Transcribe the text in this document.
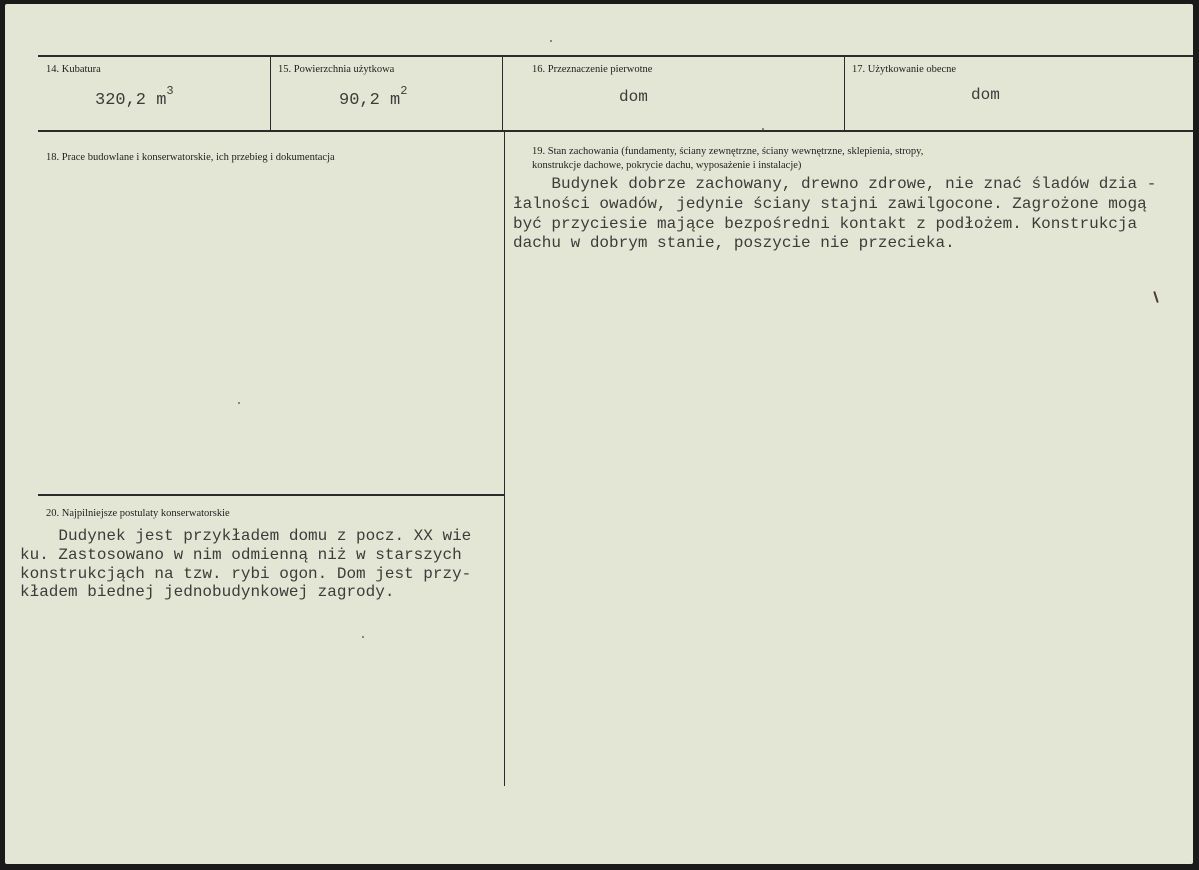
14. Kubatura
320,2 $m^3$
15. Powierzchnia użytkowa
90,2 $m^2$
16. Przeznaczenie pierwotne
dom
17. Użytkowanie obecne
dom
18. Prace budowlane i konserwatorskie, ich przebieg i dokumentacja
19. Stan zachowania (fundamenty, ściany zewnętrzne, ściany wewnętrzne, sklepienia, stropy,
konstrukcje dachowe, pokrycie dachu, wyposażenie i instalacje)
Budynek dobrze zachowany, drewno zdrowe, nie znać śladów dzia -
łalności owadów, jedynie ściany stajni zawilgocone. Zagrożone mogą
być przyciesie mające bezpośredni kontakt z podłożem. Konstrukcja
dachu w dobrym stanie, poszycie nie przecieka.
20. Najpilniejsze postulaty konserwatorskie
Dudynek jest przykładem domu z pocz. XX wie
ku. Zastosowano w nim odmienną niż w starszych
konstrukcjąch na tzw. rybi ogon. Dom jest przy-
kładem biednej jednobudynkowej zagrody.
